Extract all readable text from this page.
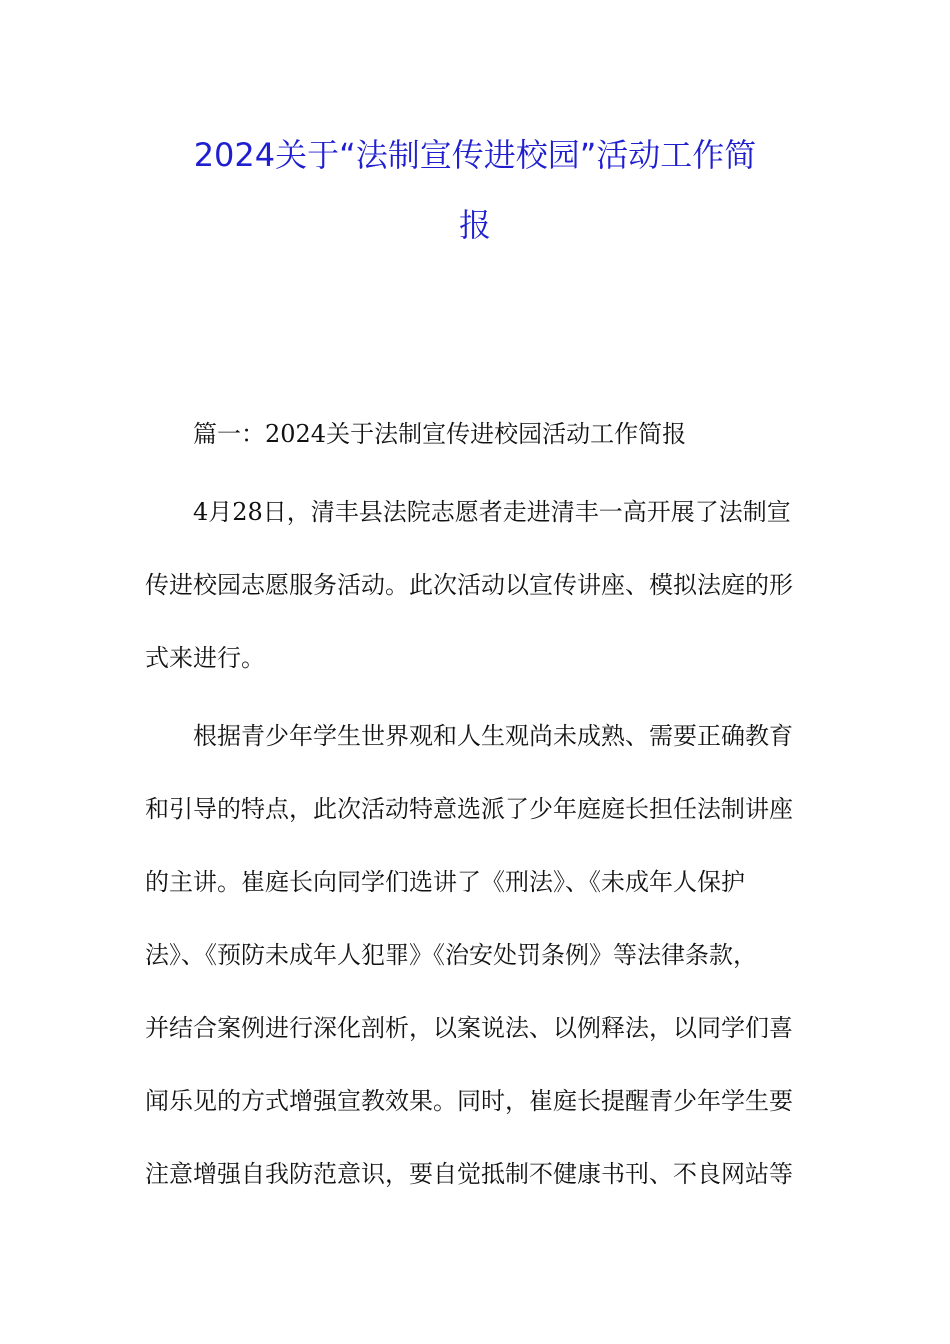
2024关于“法制宣传进校园”活动工作简
报

篇一：2024关于法制宣传进校园活动工作简报

4月28日，清丰县法院志愿者走进清丰一高开展了法制宣
传进校园志愿服务活动。此次活动以宣传讲座、模拟法庭的形
式来进行。

根据青少年学生世界观和人生观尚未成熟、需要正确教育
和引导的特点，此次活动特意选派了少年庭庭长担任法制讲座
的主讲。崔庭长向同学们选讲了《刑法》、《未成年人保护
法》、《预防未成年人犯罪》《治安处罚条例》等法律条款，
并结合案例进行深化剖析，以案说法、以例释法，以同学们喜
闻乐见的方式增强宣教效果。同时，崔庭长提醒青少年学生要
注意增强自我防范意识，要自觉抵制不健康书刊、不良网站等
